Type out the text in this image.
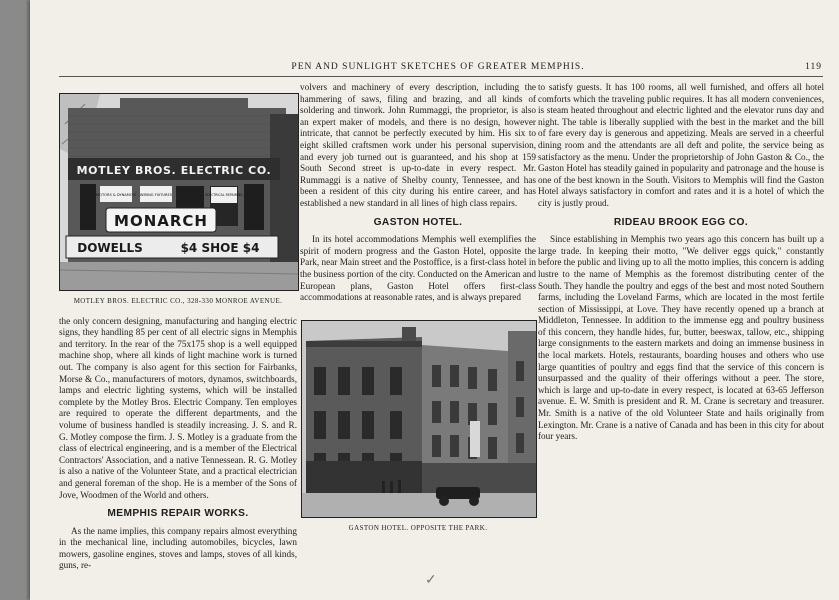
PEN AND SUNLIGHT SKETCHES OF GREATER MEMPHIS.	119
MOTLEY BROS. ELECTRIC CO.
MOTORS & DYNAMO'S WIRING FIXTURES	ELECTRICAL REPAIRING
MONARCH
DOWELLS	$4 SHOE $4
MOTLEY BROS. ELECTRIC CO., 328-330 MONROE AVENUE.

the only concern designing, manufacturing and hanging electric signs, they handling 85 per cent of all electric signs in Memphis and territory. In the rear of the 75x175 shop is a well equipped machine shop, where all kinds of light machine work is turned out. The company is also agent for this section for Fairbanks, Morse & Co., manufacturers of motors, dynamos, switchboards, lamps and electric lighting systems, which will be installed complete by the Motley Bros. Electric Company. Ten employes are required to operate the different departments, and the volume of business handled is steadily increasing. J. S. and R. G. Motley compose the firm. J. S. Motley is a graduate from the class of electrical engineering, and is a member of the Electrical Contractors' Association, and a native Tennessean. R. G. Motley is also a native of the Volunteer State, and a practical electrician and general foreman of the shop. He is a member of the Sons of Jove, Woodmen of the World and others.

MEMPHIS REPAIR WORKS.

As the name implies, this company repairs almost everything in the mechanical line, including automobiles, bicycles, lawn mowers, gasoline engines, stoves and lamps, stoves of all kinds, guns, re-

volvers and machinery of every description, including the hammering of saws, filing and brazing, and all kinds of soldering and tinwork. John Rummaggi, the proprietor, is also an expert maker of models, and there is no design, however intricate, that cannot be perfectly executed by him. His six to eight skilled craftsmen work under his personal supervision, and every job turned out is guaranteed, and his shop at 159 South Second street is up-to-date in every respect. Mr. Rummaggi is a native of Shelby county, Tennessee, and has been a resident of this city during his entire career, and has established a new standard in all lines of high class repairs.

GASTON HOTEL.

In its hotel accommodations Memphis well exemplifies the spirit of modern progress and the Gaston Hotel, opposite the Park, near Main street and the Postoffice, is a first-class hotel in the business portion of the city. Conducted on the American and European plans, Gaston Hotel offers first-class accommodations at reasonable rates, and is always prepared

GASTON HOTEL. OPPOSITE THE PARK.

to satisfy guests. It has 100 rooms, all well furnished, and offers all hotel comforts which the traveling public requires. It has all modern conveniences, is steam heated throughout and electric lighted and the elevator runs day and night. The table is liberally supplied with the best in the market and the bill of fare every day is generous and appetizing. Meals are served in a cheerful dining room and the attendants are all deft and polite, the service being as satisfactory as the menu. Under the proprietorship of John Gaston & Co., the Gaston Hotel has steadily gained in popularity and patronage and the house is one of the best known in the South. Visitors to Memphis will find the Gaston Hotel always satisfactory in comfort and rates and it is a hotel of which the city is justly proud.

RIDEAU BROOK EGG CO.

Since establishing in Memphis two years ago this concern has built up a large trade. In keeping their motto, "We deliver eggs quick," constantly before the public and living up to all the motto implies, this concern is adding lustre to the name of Memphis as the foremost distributing center of the South. They handle the poultry and eggs of the best and most noted Southern farms, including the Loveland Farms, which are located in the most fertile section of Mississippi, at Love. They have recently opened up a branch at Middleton, Tennessee. In addition to the immense egg and poultry business of this concern, they handle hides, fur, butter, beeswax, tallow, etc., shipping large consignments to the eastern markets and doing an immense business in the local markets. Hotels, restaurants, boarding houses and others who use large quantities of poultry and eggs find that the service of this concern is unsurpassed and the quality of their offerings without a peer. The store, which is large and up-to-date in every respect, is located at 63-65 Jefferson avenue. E. W. Smith is president and R. M. Crane is secretary and treasurer. Mr. Smith is a native of the old Volunteer State and hails originally from Lexington. Mr. Crane is a native of Canada and has been in this city for about four years.

✓
